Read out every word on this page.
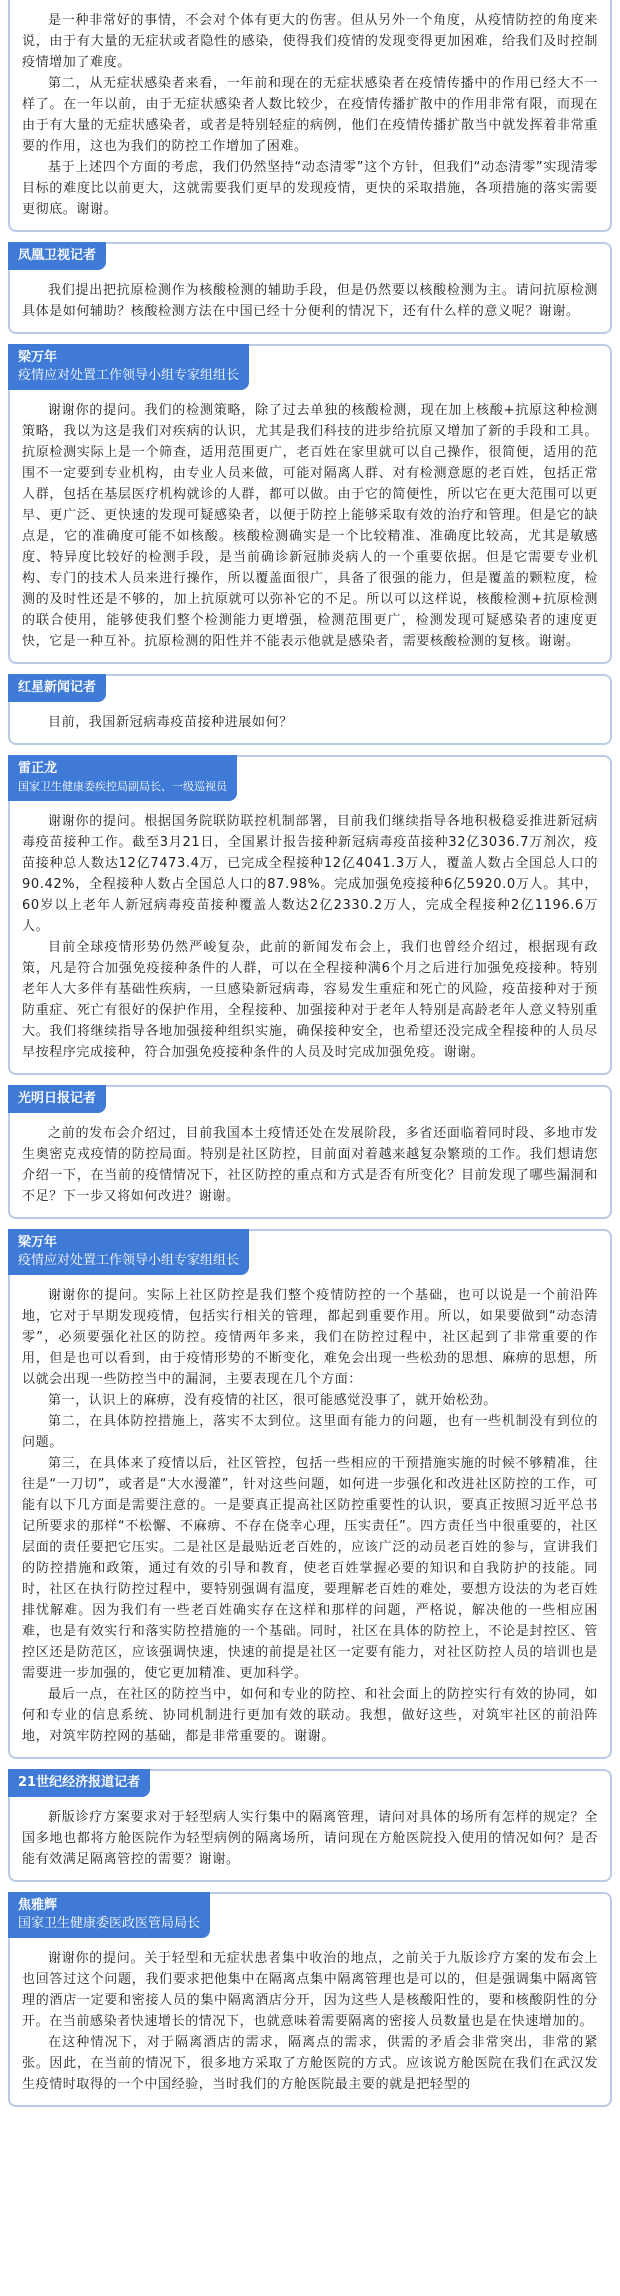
是一种非常好的事情，不会对个体有更大的伤害。但从另外一个角度，从疫情防控的角度来说，由于有大量的无症状或者隐性的感染，使得我们疫情的发现变得更加困难，给我们及时控制疫情增加了难度。

第二，从无症状感染者来看，一年前和现在的无症状感染者在疫情传播中的作用已经大不一样了。在一年以前，由于无症状感染者人数比较少，在疫情传播扩散中的作用非常有限，而现在由于有大量的无症状感染者，或者是特别轻症的病例，他们在疫情传播扩散当中就发挥着非常重要的作用，这也为我们的防控工作增加了困难。

基于上述四个方面的考虑，我们仍然坚持“动态清零”这个方针，但我们“动态清零”实现清零目标的难度比以前更大，这就需要我们更早的发现疫情，更快的采取措施，各项措施的落实需要更彻底。谢谢。

凤凰卫视记者

我们提出把抗原检测作为核酸检测的辅助手段，但是仍然要以核酸检测为主。请问抗原检测具体是如何辅助？核酸检测方法在中国已经十分便利的情况下，还有什么样的意义呢？谢谢。

梁万年
疫情应对处置工作领导小组专家组组长

谢谢你的提问。我们的检测策略，除了过去单独的核酸检测，现在加上核酸+抗原这种检测策略，我以为这是我们对疾病的认识，尤其是我们科技的进步给抗原又增加了新的手段和工具。抗原检测实际上是一个筛查，适用范围更广，老百姓在家里就可以自己操作，很简便，适用的范围不一定要到专业机构，由专业人员来做，可能对隔离人群、对有检测意愿的老百姓，包括正常人群，包括在基层医疗机构就诊的人群，都可以做。由于它的简便性，所以它在更大范围可以更早、更广泛、更快速的发现可疑感染者，以便于防控上能够采取有效的治疗和管理。但是它的缺点是，它的准确度可能不如核酸。核酸检测确实是一个比较精准、准确度比较高，尤其是敏感度、特异度比较好的检测手段，是当前确诊新冠肺炎病人的一个重要依据。但是它需要专业机构、专门的技术人员来进行操作，所以覆盖面很广，具备了很强的能力，但是覆盖的颗粒度，检测的及时性还是不够的，加上抗原就可以弥补它的不足。所以可以这样说，核酸检测+抗原检测的联合使用，能够使我们整个检测能力更增强，检测范围更广，检测发现可疑感染者的速度更快，它是一种互补。抗原检测的阳性并不能表示他就是感染者，需要核酸检测的复核。谢谢。

红星新闻记者

目前，我国新冠病毒疫苗接种进展如何？

雷正龙
国家卫生健康委疾控局副局长、一级巡视员

谢谢你的提问。根据国务院联防联控机制部署，目前我们继续指导各地积极稳妥推进新冠病毒疫苗接种工作。截至3月21日，全国累计报告接种新冠病毒疫苗接种32亿3036.7万剂次，疫苗接种总人数达12亿7473.4万，已完成全程接种12亿4041.3万人，覆盖人数占全国总人口的90.42%，全程接种人数占全国总人口的87.98%。完成加强免疫接种6亿5920.0万人。其中，60岁以上老年人新冠病毒疫苗接种覆盖人数达2亿2330.2万人，完成全程接种2亿1196.6万人。

目前全球疫情形势仍然严峻复杂，此前的新闻发布会上，我们也曾经介绍过，根据现有政策，凡是符合加强免疫接种条件的人群，可以在全程接种满6个月之后进行加强免疫接种。特别老年人大多伴有基础性疾病，一旦感染新冠病毒，容易发生重症和死亡的风险，疫苗接种对于预防重症、死亡有很好的保护作用，全程接种、加强接种对于老年人特别是高龄老年人意义特别重大。我们将继续指导各地加强接种组织实施，确保接种安全，也希望还没完成全程接种的人员尽早按程序完成接种，符合加强免疫接种条件的人员及时完成加强免疫。谢谢。

光明日报记者

之前的发布会介绍过，目前我国本土疫情还处在发展阶段，多省还面临着同时段、多地市发生奥密克戎疫情的防控局面。特别是社区防控，目前面对着越来越复杂繁琐的工作。我们想请您介绍一下，在当前的疫情情况下，社区防控的重点和方式是否有所变化？目前发现了哪些漏洞和不足？下一步又将如何改进？谢谢。

梁万年
疫情应对处置工作领导小组专家组组长

谢谢你的提问。实际上社区防控是我们整个疫情防控的一个基础，也可以说是一个前沿阵地，它对于早期发现疫情，包括实行相关的管理，都起到重要作用。所以，如果要做到“动态清零”，必须要强化社区的防控。疫情两年多来，我们在防控过程中，社区起到了非常重要的作用，但是也可以看到，由于疫情形势的不断变化，难免会出现一些松劲的思想、麻痹的思想，所以就会出现一些防控当中的漏洞，主要表现在几个方面：

第一，认识上的麻痹，没有疫情的社区，很可能感觉没事了，就开始松劲。

第二，在具体防控措施上，落实不太到位。这里面有能力的问题，也有一些机制没有到位的问题。

第三，在具体来了疫情以后，社区管控，包括一些相应的干预措施实施的时候不够精准，往往是“一刀切”，或者是“大水漫灌”，针对这些问题，如何进一步强化和改进社区防控的工作，可能有以下几方面是需要注意的。一是要真正提高社区防控重要性的认识，要真正按照习近平总书记所要求的那样“不松懈、不麻痹、不存在侥幸心理，压实责任”。四方责任当中很重要的，社区层面的责任要把它压实。二是社区是最贴近老百姓的，应该广泛的动员老百姓的参与，宣讲我们的防控措施和政策，通过有效的引导和教育，使老百姓掌握必要的知识和自我防护的技能。同时，社区在执行防控过程中，要特别强调有温度，要理解老百姓的难处，要想方设法的为老百姓排忧解难。因为我们有一些老百姓确实存在这样和那样的问题，严格说，解决他的一些相应困难，也是有效实行和落实防控措施的一个基础。同时，社区在具体的防控上，不论是封控区、管控区还是防范区，应该强调快速，快速的前提是社区一定要有能力，对社区防控人员的培训也是需要进一步加强的，使它更加精准、更加科学。

最后一点，在社区的防控当中，如何和专业的防控、和社会面上的防控实行有效的协同，如何和专业的信息系统、协同机制进行更加有效的联动。我想，做好这些，对筑牢社区的前沿阵地，对筑牢防控网的基础，都是非常重要的。谢谢。

21世纪经济报道记者

新版诊疗方案要求对于轻型病人实行集中的隔离管理，请问对具体的场所有怎样的规定？全国多地也都将方舱医院作为轻型病例的隔离场所，请问现在方舱医院投入使用的情况如何？是否能有效满足隔离管控的需要？谢谢。

焦雅辉
国家卫生健康委医政医管局局长

谢谢你的提问。关于轻型和无症状患者集中收治的地点，之前关于九版诊疗方案的发布会上也回答过这个问题，我们要求把他集中在隔离点集中隔离管理也是可以的，但是强调集中隔离管理的酒店一定要和密接人员的集中隔离酒店分开，因为这些人是核酸阳性的，要和核酸阴性的分开。在当前感染者快速增长的情况下，也就意味着需要隔离的密接人员数量也是在快速增加的。

在这种情况下，对于隔离酒店的需求，隔离点的需求，供需的矛盾会非常突出，非常的紧张。因此，在当前的情况下，很多地方采取了方舱医院的方式。应该说方舱医院在我们在武汉发生疫情时取得的一个中国经验，当时我们的方舱医院最主要的就是把轻型的
